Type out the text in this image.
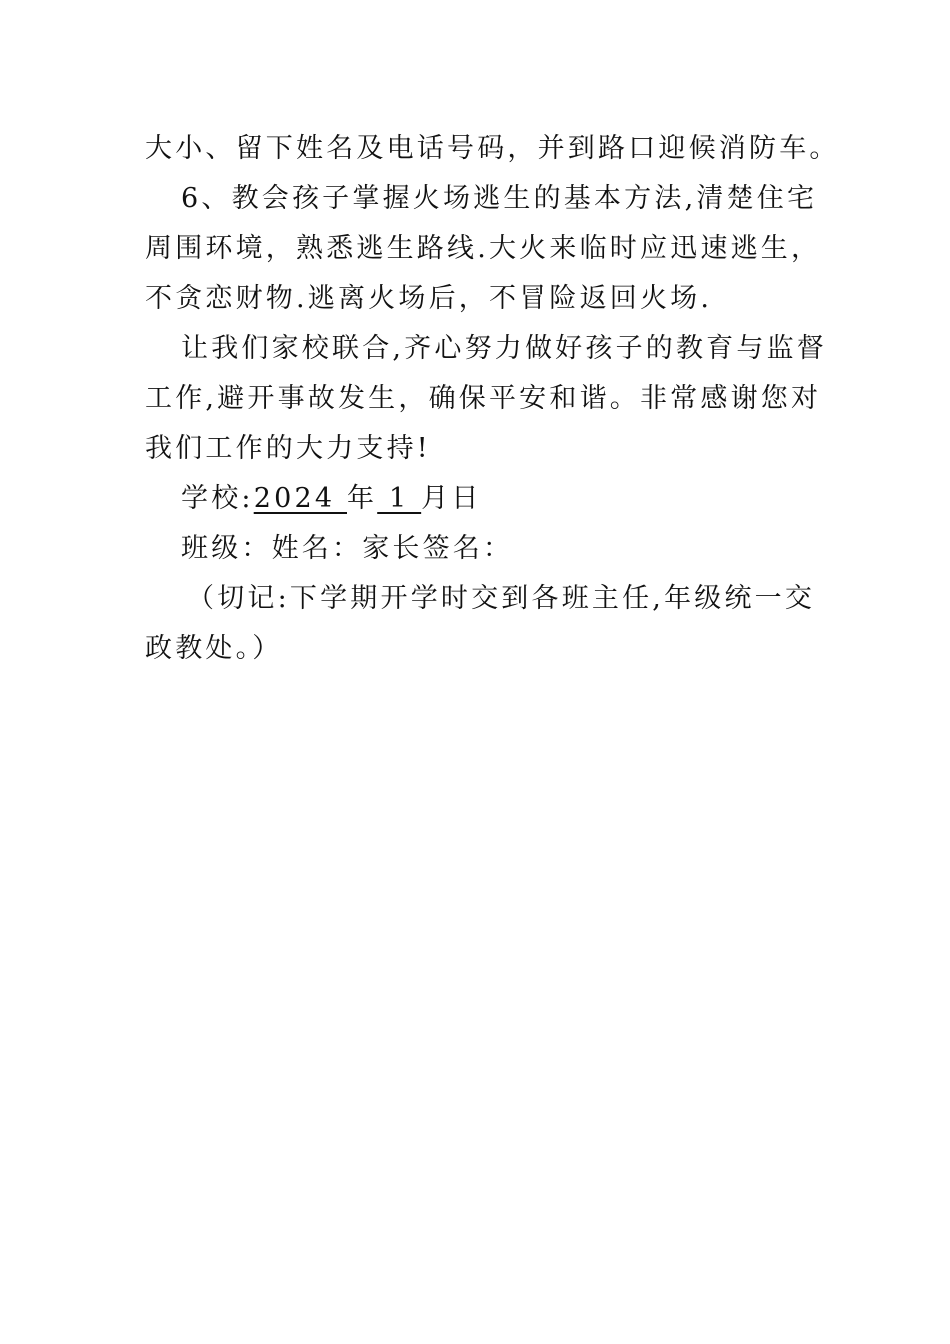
大小、留下姓名及电话号码，并到路口迎候消防车。
6、教会孩子掌握火场逃生的基本方法,清楚住宅
周围环境，熟悉逃生路线.大火来临时应迅速逃生，
不贪恋财物.逃离火场后，不冒险返回火场.
让我们家校联合,齐心努力做好孩子的教育与监督
工作,避开事故发生，确保平安和谐。非常感谢您对
我们工作的大力支持!
学校:2024 年 1 月日
班级：姓名：家长签名：
（切记:下学期开学时交到各班主任,年级统一交
政教处。）
